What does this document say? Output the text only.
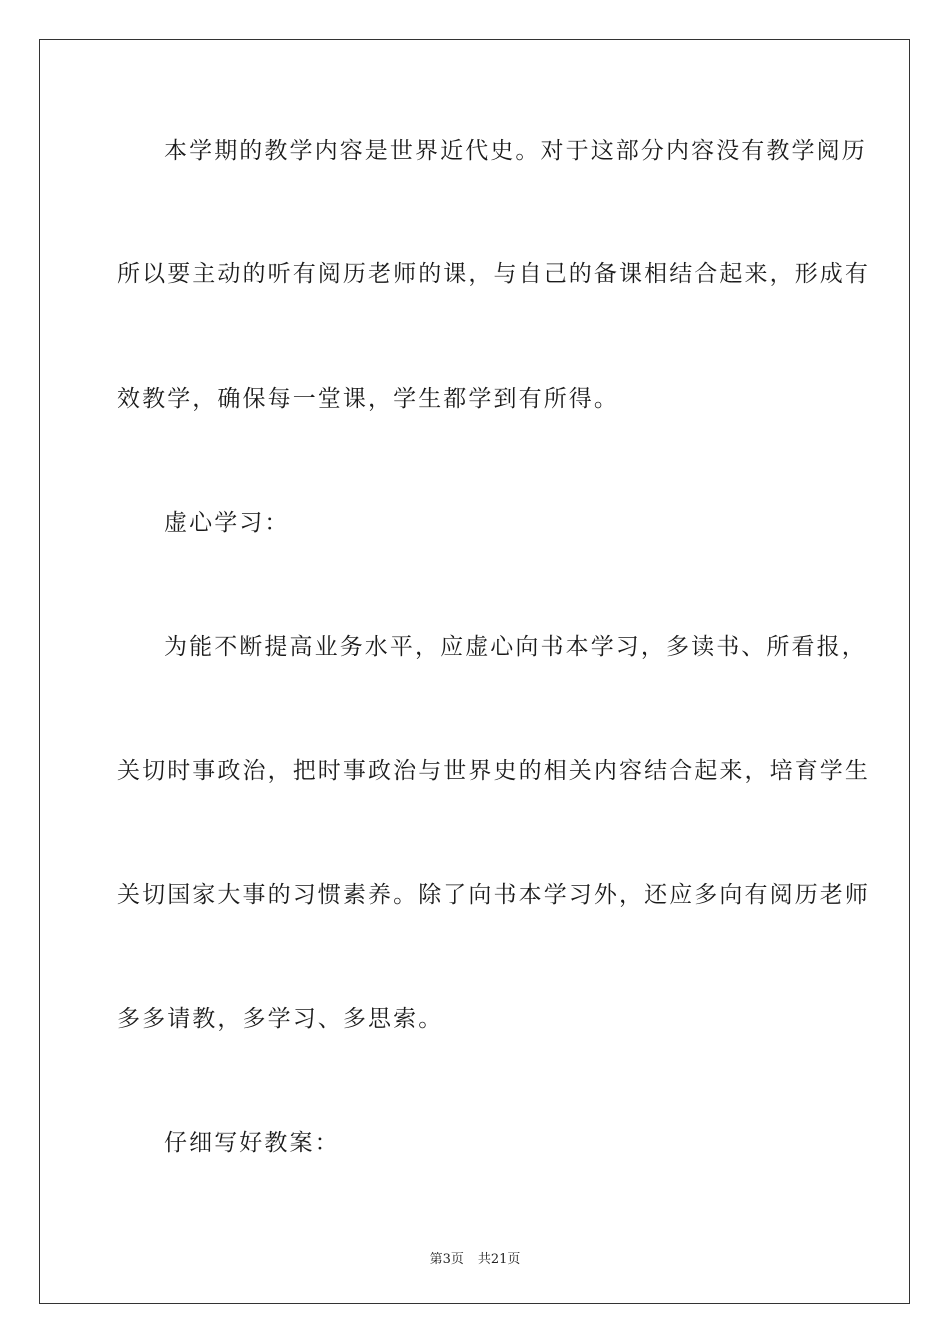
本学期的教学内容是世界近代史。对于这部分内容没有教学阅历
所以要主动的听有阅历老师的课，与自己的备课相结合起来，形成有
效教学，确保每一堂课，学生都学到有所得。
虚心学习：
为能不断提高业务水平，应虚心向书本学习，多读书、所看报，
关切时事政治，把时事政治与世界史的相关内容结合起来，培育学生
关切国家大事的习惯素养。除了向书本学习外，还应多向有阅历老师
多多请教，多学习、多思索。
仔细写好教案：
第3页 共21页
